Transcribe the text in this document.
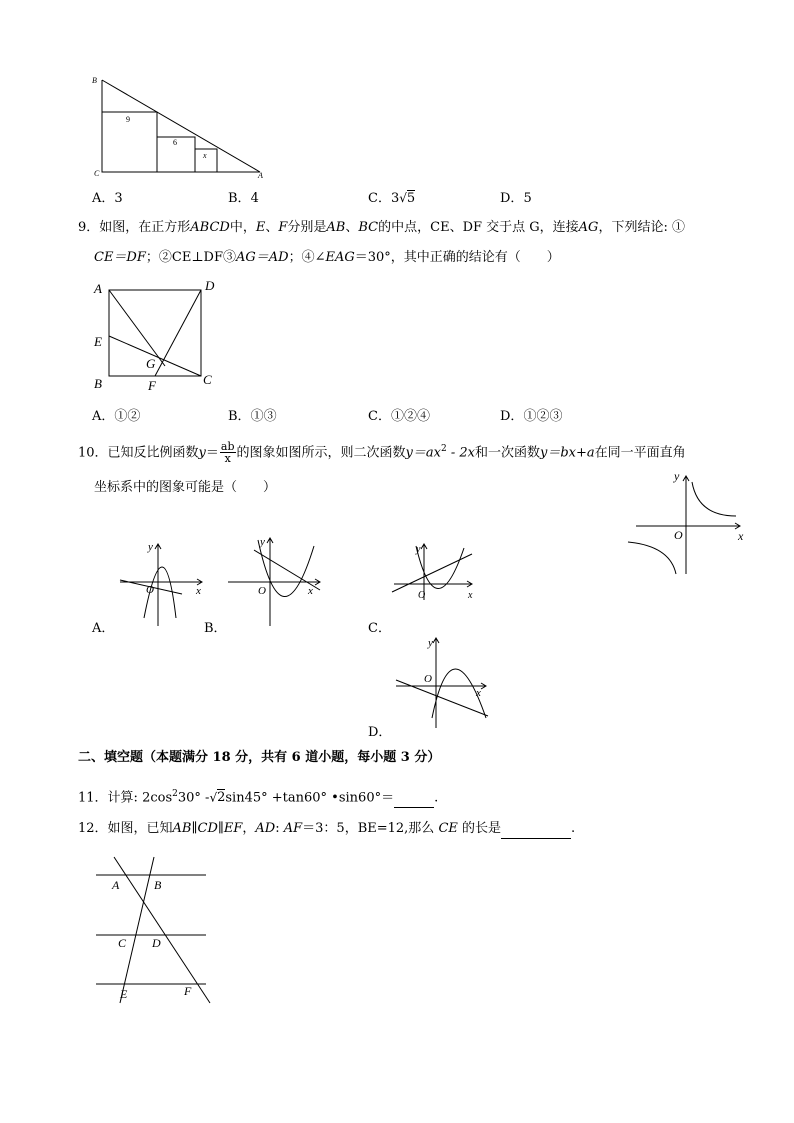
B
C	A
9
6
x
A．3	B．4	C．3√5	D．5
9．如图，在正方形ABCD中，E、F分别是AB、BC的中点，CE、DF 交于点 G，连接AG，下列结论: ①
CE＝DF；②CE⊥DF③AG＝AD；④∠EAG＝30°，其中正确的结论有（　　）
A	D
E
G
B	F	C
A．①②	B．①③	C．①②④	D．①②③
10．已知反比例函数$y= \frac{ab}{x}$ 的图象如图所示，则二次函数$y=ax^2 - 2x$和一次函数y＝bx+a在同一平面直角
坐标系中的图象可能是（　　）
y
x
O
y
x
O
A．
y
x
O
B．
y
x
O
C．
y
x
O
D．
二、填空题（本题满分 18 分，共有 6 道小题，每小题 3 分）
11．计算: $2\cos^230^\circ$ -√2sin45° +tan60° •sin60°＝	.
12．如图，已知AB∥CD∥EF，AD: AF＝3：5，BE=12,那么 CE 的长是	.
A	B
C D
E	F
